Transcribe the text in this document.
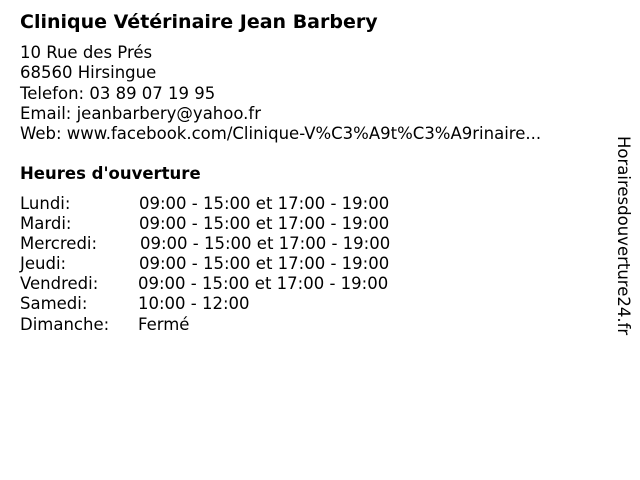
Clinique Vétérinaire Jean Barbery
10 Rue des Prés
68560 Hirsingue
Telefon: 03 89 07 19 95
Email: jeanbarbery@yahoo.fr
Web: www.facebook.com/Clinique-V%C3%A9t%C3%A9rinaire...
Heures d'ouverture
Lundi:	09:00 - 15:00 et 17:00 - 19:00
Mardi:	09:00 - 15:00 et 17:00 - 19:00
Mercredi:	09:00 - 15:00 et 17:00 - 19:00
Jeudi:	09:00 - 15:00 et 17:00 - 19:00
Vendredi: 09:00 - 15:00 et 17:00 - 19:00
Samedi:	10:00 - 12:00
Dimanche: Fermé	Horairesdouverture24.fr
